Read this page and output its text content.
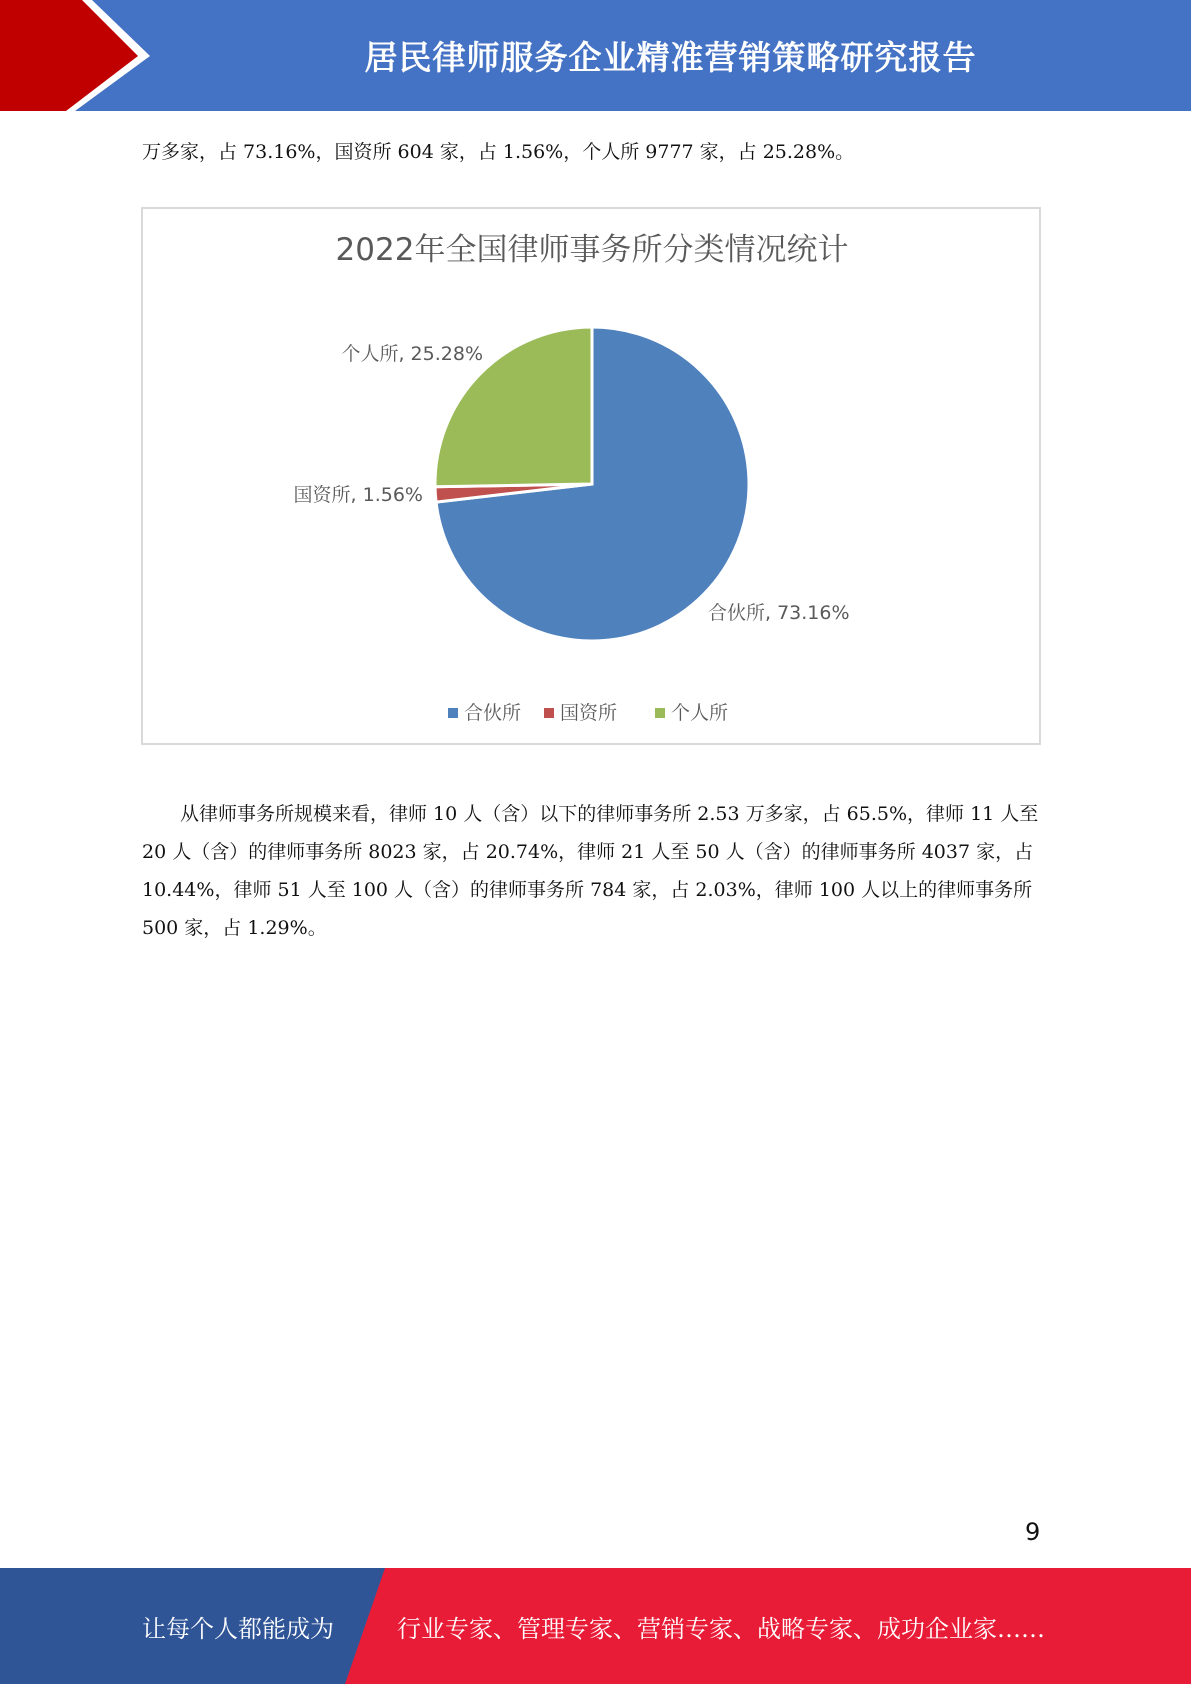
居民律师服务企业精准营销策略研究报告

万多家，占 73.16%，国资所 604 家，占 1.56%，个人所 9777 家，占 25.28%。

2022年全国律师事务所分类情况统计
合伙所, 73.16%
国资所, 1.56%
个人所, 25.28%
合伙所 国资所	个人所

从律师事务所规模来看，律师 10 人（含）以下的律师事务所 2.53 万多家，占 65.5%，律师 11 人至 20 人（含）的律师事务所 8023 家，占 20.74%，律师 21 人至 50 人（含）的律师事务所 4037 家，占 10.44%，律师 51 人至 100 人（含）的律师事务所 784 家，占 2.03%，律师 100 人以上的律师事务所 500 家，占 1.29%。

9
让每个人都能成为	行业专家、管理专家、营销专家、战略专家、成功企业家……
